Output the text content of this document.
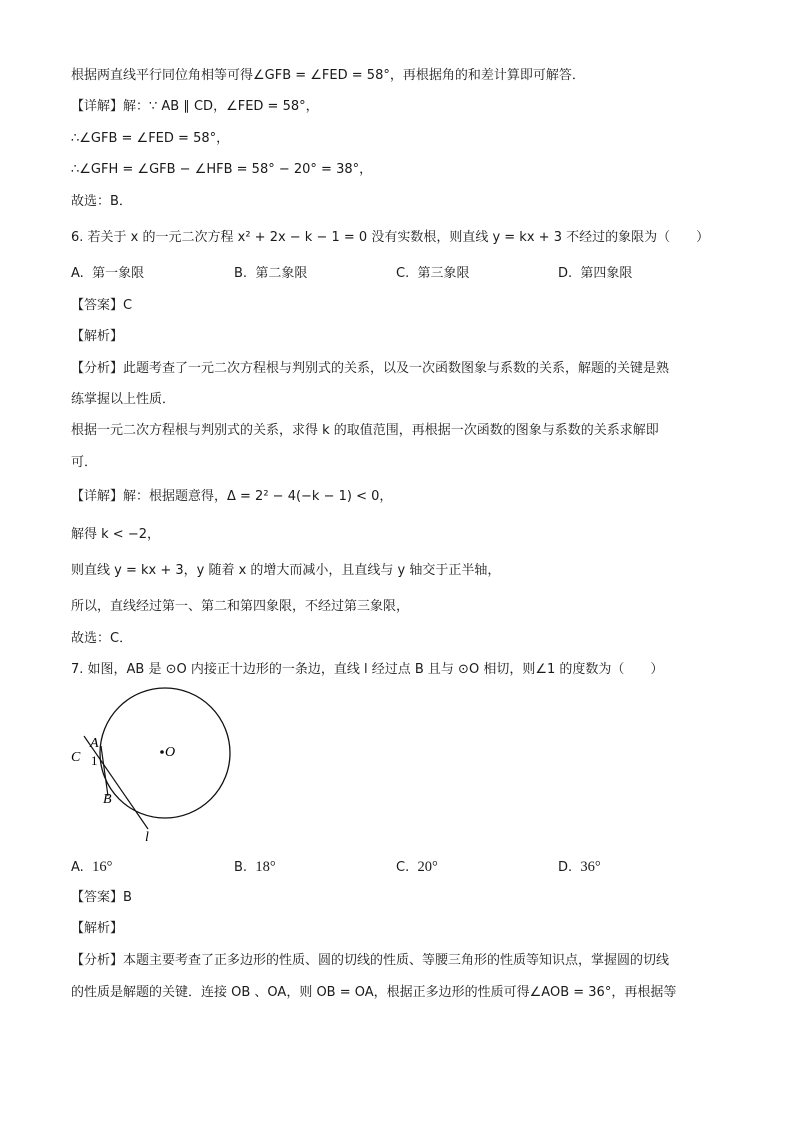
根据两直线平行同位角相等可得∠GFB = ∠FED = 58°，再根据角的和差计算即可解答．
【详解】解：∵ AB ∥ CD，∠FED = 58°，
∴∠GFB = ∠FED = 58°，
∴∠GFH = ∠GFB − ∠HFB = 58° − 20° = 38°，
故选：B．
6. 若关于 x 的一元二次方程 x² + 2x − k − 1 = 0 没有实数根，则直线 y = kx + 3 不经过的象限为（　　）
A. 第一象限	B. 第二象限	C. 第三象限	D. 第四象限
【答案】C
【解析】
【分析】此题考查了一元二次方程根与判别式的关系，以及一次函数图象与系数的关系，解题的关键是熟
练掌握以上性质．
根据一元二次方程根与判别式的关系，求得 k 的取值范围，再根据一次函数的图象与系数的关系求解即
可．
【详解】解：根据题意得，Δ = 2² − 4(−k − 1) < 0，
解得 k < −2，
则直线 y = kx + 3，y 随着 x 的增大而减小，且直线与 y 轴交于正半轴，
所以，直线经过第一、第二和第四象限，不经过第三象限，
故选：C．
7. 如图，AB 是 ⊙O 内接正十边形的一条边，直线 l 经过点 B 且与 ⊙O 相切，则∠1 的度数为（　　）
O
A
C 1
B
l
A. 16°	B. 18°	C. 20°	D. 36°
【答案】B
【解析】
【分析】本题主要考查了正多边形的性质、圆的切线的性质、等腰三角形的性质等知识点，掌握圆的切线
的性质是解题的关键．连接 OB 、OA，则 OB = OA，根据正多边形的性质可得∠AOB = 36°，再根据等
